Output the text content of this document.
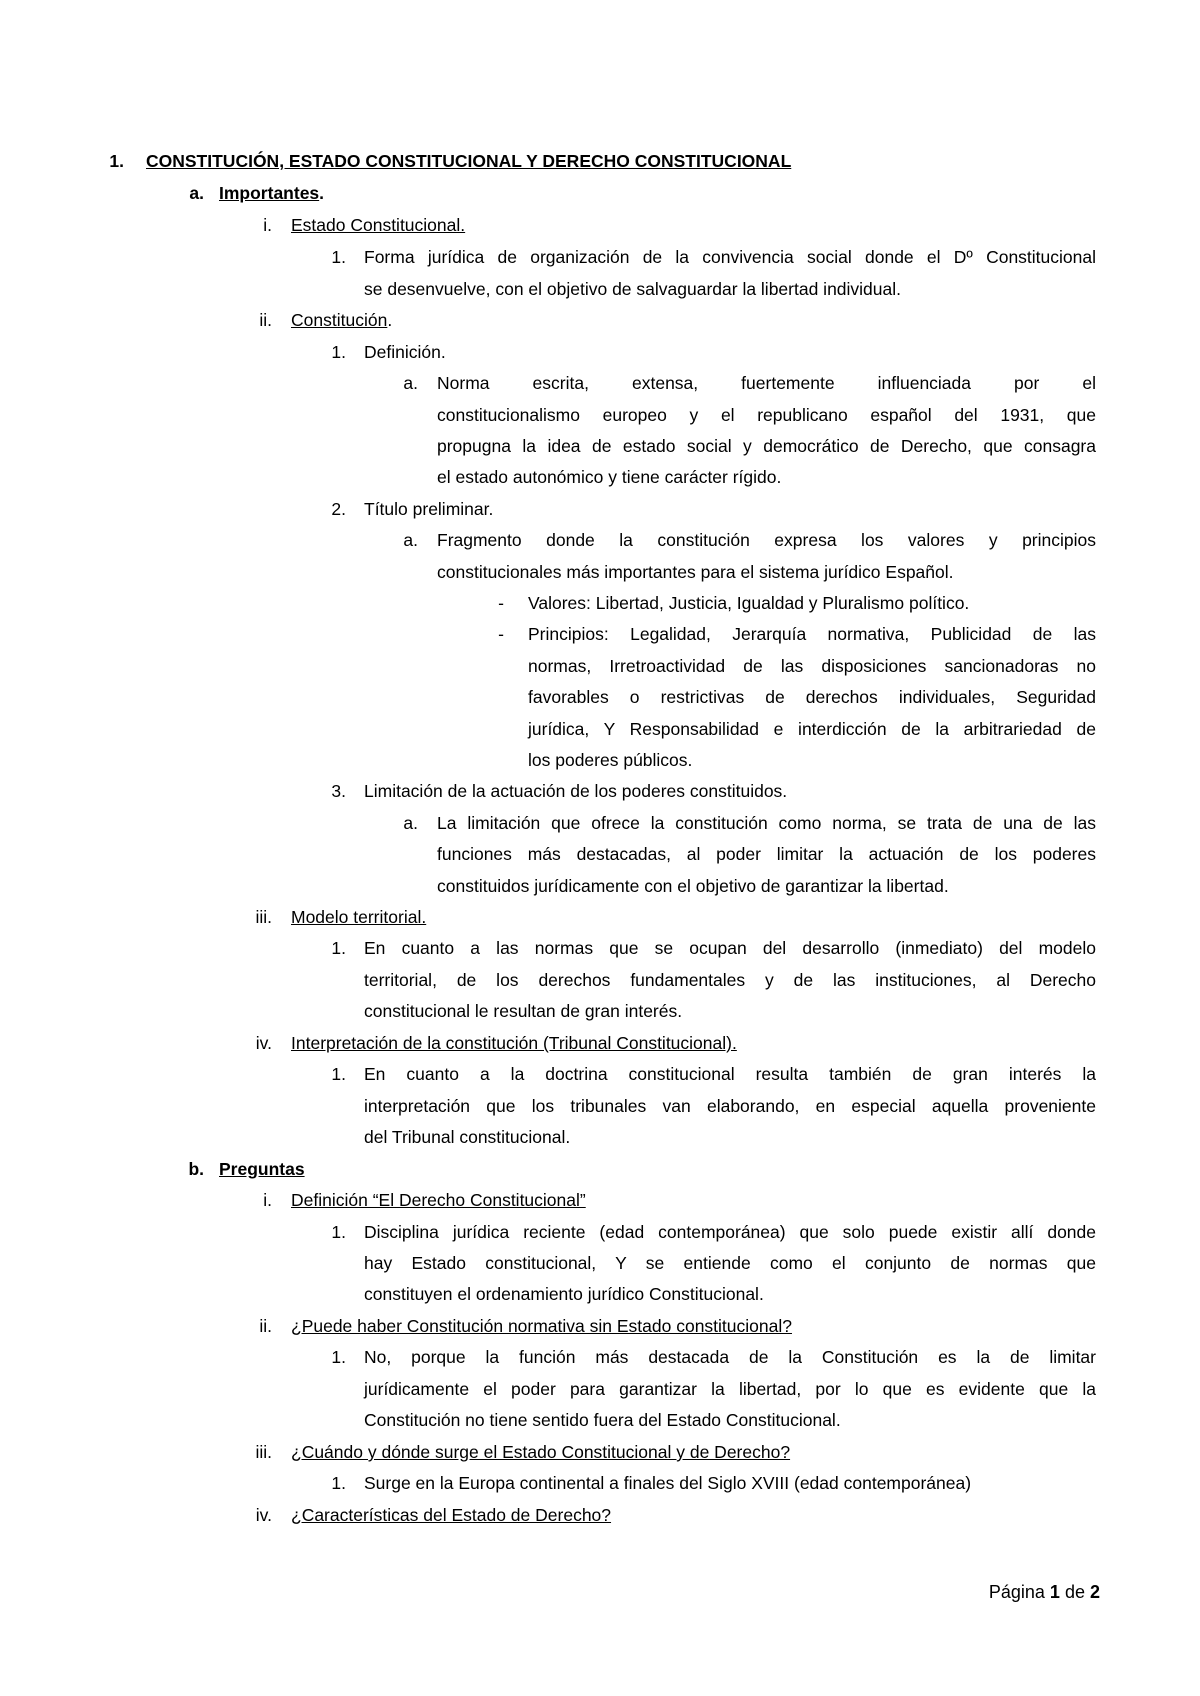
1. CONSTITUCIÓN, ESTADO CONSTITUCIONAL Y DERECHO CONSTITUCIONAL
a. Importantes.
i. Estado Constitucional.
1. Forma jurídica de organización de la convivencia social donde el Dº Constitucional
se desenvuelve, con el objetivo de salvaguardar la libertad individual.
ii. Constitución.
1. Definición.
a. Norma escrita, extensa, fuertemente influenciada por el
constitucionalismo europeo y el republicano español del 1931, que
propugna la idea de estado social y democrático de Derecho, que consagra
el estado autonómico y tiene carácter rígido.
2. Título preliminar.
a. Fragmento donde la constitución expresa los valores y principios
constitucionales más importantes para el sistema jurídico Español.
- Valores: Libertad, Justicia, Igualdad y Pluralismo político.
- Principios: Legalidad, Jerarquía normativa, Publicidad de las
normas, Irretroactividad de las disposiciones sancionadoras no
favorables o restrictivas de derechos individuales, Seguridad
jurídica, Y Responsabilidad e interdicción de la arbitrariedad de
los poderes públicos.
3. Limitación de la actuación de los poderes constituidos.
a. La limitación que ofrece la constitución como norma, se trata de una de las
funciones más destacadas, al poder limitar la actuación de los poderes
constituidos jurídicamente con el objetivo de garantizar la libertad.
iii. Modelo territorial.
1. En cuanto a las normas que se ocupan del desarrollo (inmediato) del modelo
territorial, de los derechos fundamentales y de las instituciones, al Derecho
constitucional le resultan de gran interés.
iv. Interpretación de la constitución (Tribunal Constitucional).
1. En cuanto a la doctrina constitucional resulta también de gran interés la
interpretación que los tribunales van elaborando, en especial aquella proveniente
del Tribunal constitucional.
b. Preguntas
i. Definición “El Derecho Constitucional”
1. Disciplina jurídica reciente (edad contemporánea) que solo puede existir allí donde
hay Estado constitucional, Y se entiende como el conjunto de normas que
constituyen el ordenamiento jurídico Constitucional.
ii. ¿Puede haber Constitución normativa sin Estado constitucional?
1. No, porque la función más destacada de la Constitución es la de limitar
jurídicamente el poder para garantizar la libertad, por lo que es evidente que la
Constitución no tiene sentido fuera del Estado Constitucional.
iii. ¿Cuándo y dónde surge el Estado Constitucional y de Derecho?
1. Surge en la Europa continental a finales del Siglo XVIII (edad contemporánea)
iv. ¿Características del Estado de Derecho?
Página 1 de 2
